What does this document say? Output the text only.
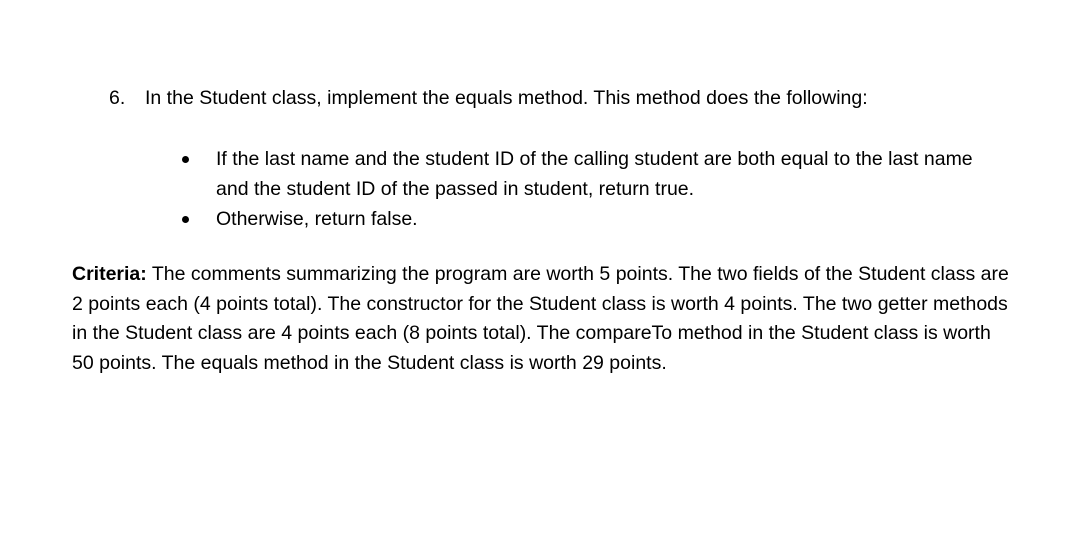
6. In the Student class, implement the equals method. This method does the following:
If the last name and the student ID of the calling student are both equal to the last name and the student ID of the passed in student, return true.
Otherwise, return false.

Criteria: The comments summarizing the program are worth 5 points. The two fields of the Student class are 2 points each (4 points total). The constructor for the Student class is worth 4 points. The two getter methods in the Student class are 4 points each (8 points total). The compareTo method in the Student class is worth 50 points. The equals method in the Student class is worth 29 points.
